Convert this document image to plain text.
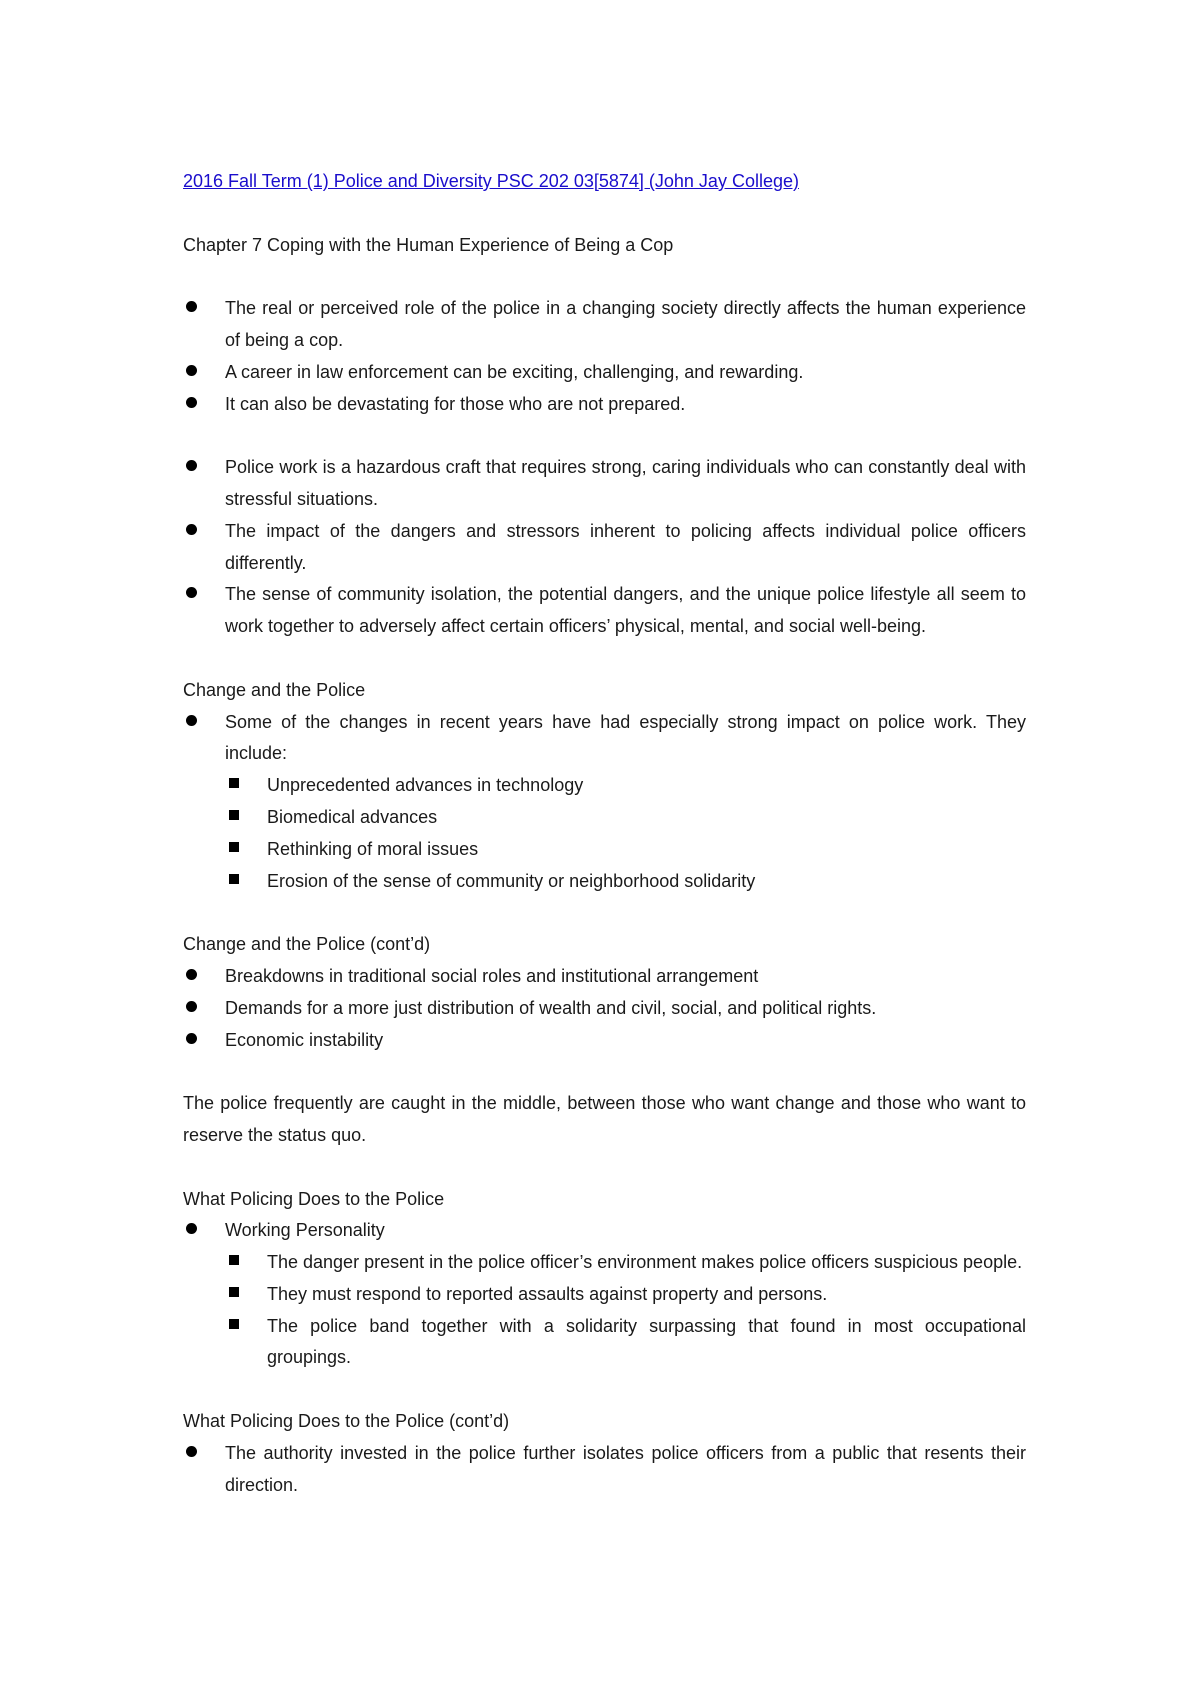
2016 Fall Term (1) Police and Diversity PSC 202 03[5874] (John Jay College)
Chapter 7 Coping with the Human Experience of Being a Cop
The real or perceived role of the police in a changing society directly affects the human experience of being a cop.
A career in law enforcement can be exciting, challenging, and rewarding.
It can also be devastating for those who are not prepared.
Police work is a hazardous craft that requires strong, caring individuals who can constantly deal with stressful situations.
The impact of the dangers and stressors inherent to policing affects individual police officers differently.
The sense of community isolation, the potential dangers, and the unique police lifestyle all seem to work together to adversely affect certain officers’ physical, mental, and social well-being.
Change and the Police
Some of the changes in recent years have had especially strong impact on police work. They include:
Unprecedented advances in technology
Biomedical advances
Rethinking of moral issues
Erosion of the sense of community or neighborhood solidarity
Change and the Police (cont’d)
Breakdowns in traditional social roles and institutional arrangement
Demands for a more just distribution of wealth and civil, social, and political rights.
Economic instability
The police frequently are caught in the middle, between those who want change and those who want to reserve the status quo.
What Policing Does to the Police
Working Personality
The danger present in the police officer’s environment makes police officers suspicious people.
They must respond to reported assaults against property and persons.
The police band together with a solidarity surpassing that found in most occupational groupings.
What Policing Does to the Police (cont’d)
The authority invested in the police further isolates police officers from a public that resents their direction.
